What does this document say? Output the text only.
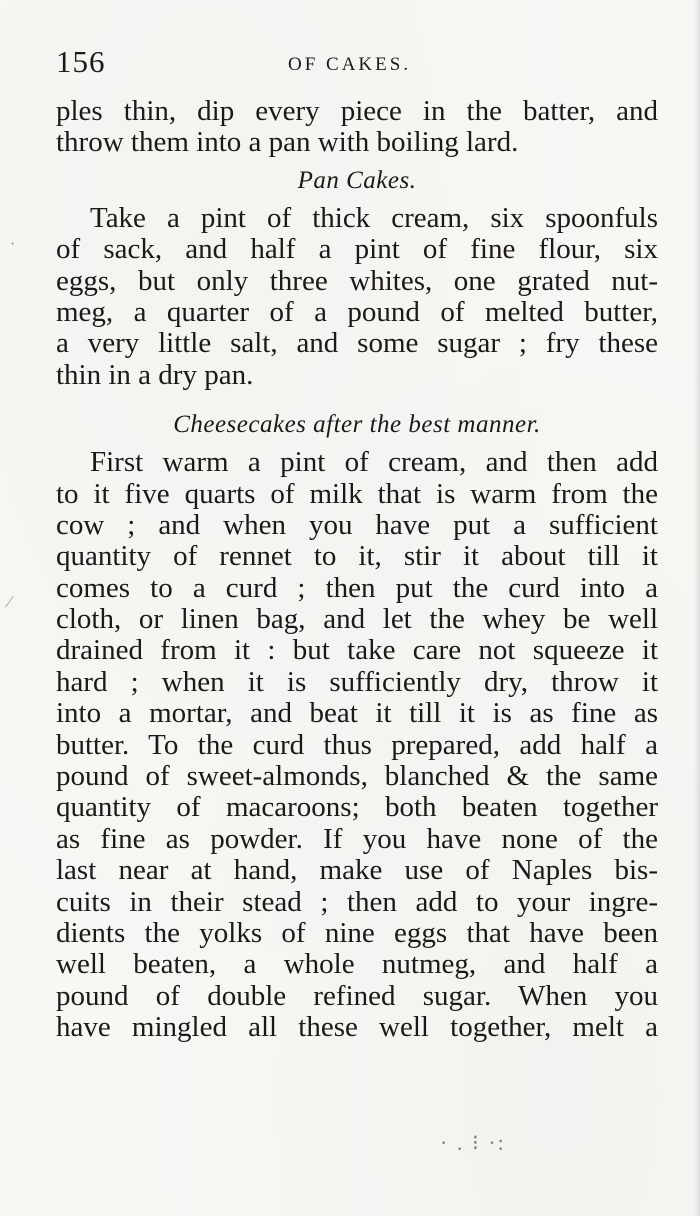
156	OF CAKES.
ples thin, dip every piece in the batter, and
throw them into a pan with boiling lard.
Pan Cakes.
Take a pint of thick cream, six spoonfuls
of sack, and half a pint of fine flour, six
eggs, but only three whites, one grated nut-
meg, a quarter of a pound of melted butter,
a very little salt, and some sugar ; fry these
thin in a dry pan.
Cheesecakes after the best manner.
First warm a pint of cream, and then add
to it five quarts of milk that is warm from the
cow ; and when you have put a sufficient
quantity of rennet to it, stir it about till it
comes to a curd ; then put the curd into a
cloth, or linen bag, and let the whey be well
drained from it : but take care not squeeze it
hard ; when it is sufficiently dry, throw it
into a mortar, and beat it till it is as fine as
butter. To the curd thus prepared, add half a
pound of sweet-almonds, blanched & the same
quantity of macaroons; both beaten together
as fine as powder. If you have none of the
last near at hand, make use of Naples bis-
cuits in their stead ; then add to your ingre-
dients the yolks of nine eggs that have been
well beaten, a whole nutmeg, and half a
pound of double refined sugar. When you
have mingled all these well together, melt a
· . ⁝ ·:
·
⁄
